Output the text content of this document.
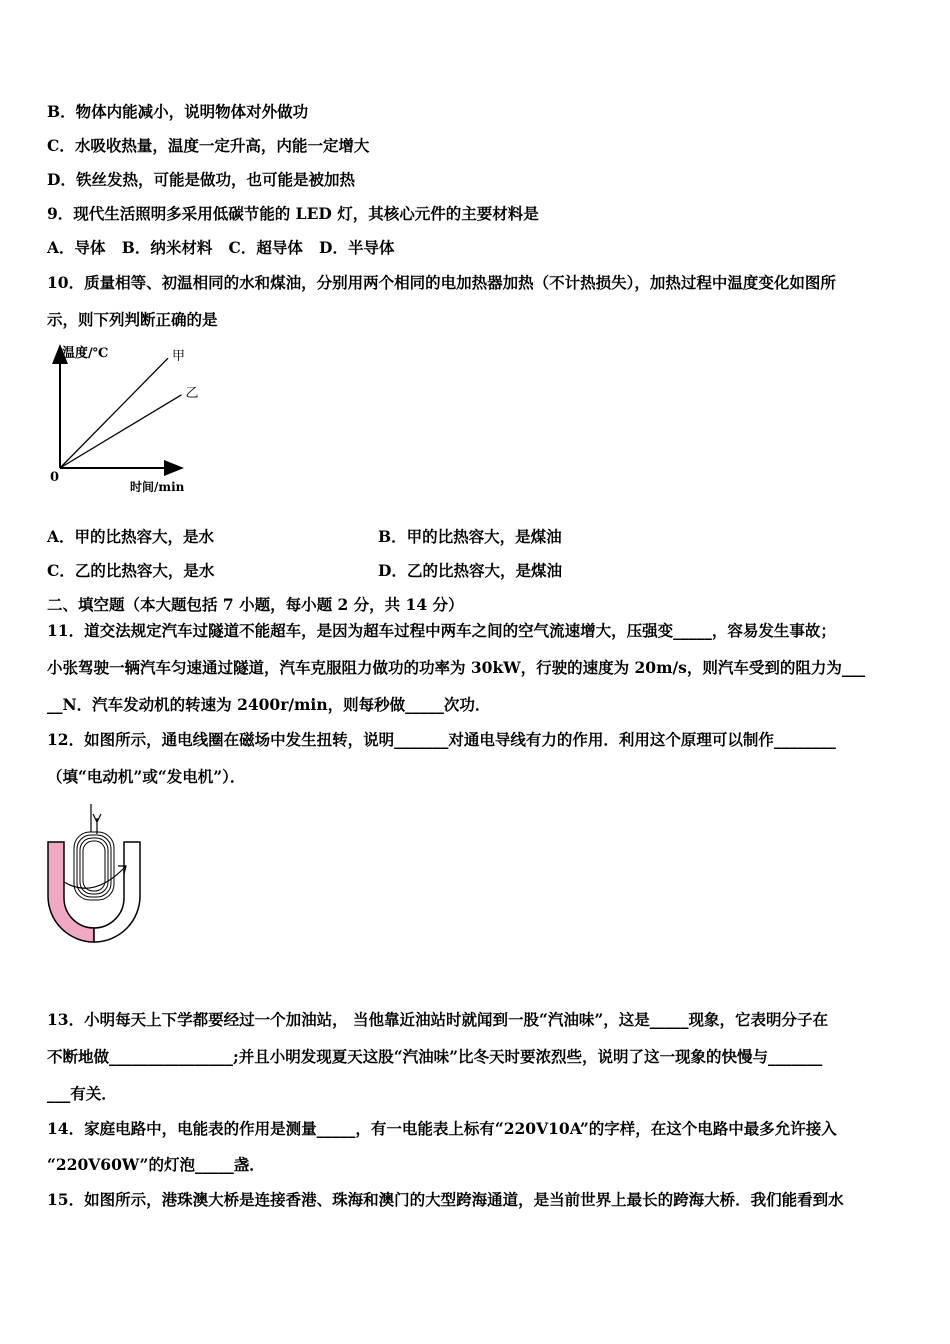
B．物体内能减小，说明物体对外做功
C．水吸收热量，温度一定升高，内能一定增大
D．铁丝发热，可能是做功，也可能是被加热
9．现代生活照明多采用低碳节能的 LED 灯，其核心元件的主要材料是
A．导体   B．纳米材料   C．超导体   D．半导体
10．质量相等、初温相同的水和煤油，分别用两个相同的电加热器加热（不计热损失），加热过程中温度变化如图所
示，则下列判断正确的是
温度/℃
时间/min
0
甲
乙
A．甲的比热容大，是水	B．甲的比热容大，是煤油
C．乙的比热容大，是水	D．乙的比热容大，是煤油
二、填空题（本大题包括 7 小题，每小题 2 分，共 14 分）
11．道交法规定汽车过隧道不能超车，是因为超车过程中两车之间的空气流速增大，压强变_____，容易发生事故；
小张驾驶一辆汽车匀速通过隧道，汽车克服阻力做功的功率为 30kW，行驶的速度为 20m/s，则汽车受到的阻力为___
__N．汽车发动机的转速为 2400r/min，则每秒做_____次功．
12．如图所示，通电线圈在磁场中发生扭转，说明_______对通电导线有力的作用．利用这个原理可以制作________
（填“电动机”或“发电机”）．
13．小明每天上下学都要经过一个加油站， 当他靠近油站时就闻到一股“汽油味”，这是_____现象，它表明分子在
不断地做________________;并且小明发现夏天这股“汽油味”比冬天时要浓烈些，说明了这一现象的快慢与_______
___有关．
14．家庭电路中，电能表的作用是测量_____，有一电能表上标有“220V10A”的字样，在这个电路中最多允许接入
“220V60W”的灯泡_____盏．
15．如图所示，港珠澳大桥是连接香港、珠海和澳门的大型跨海通道，是当前世界上最长的跨海大桥．我们能看到水
